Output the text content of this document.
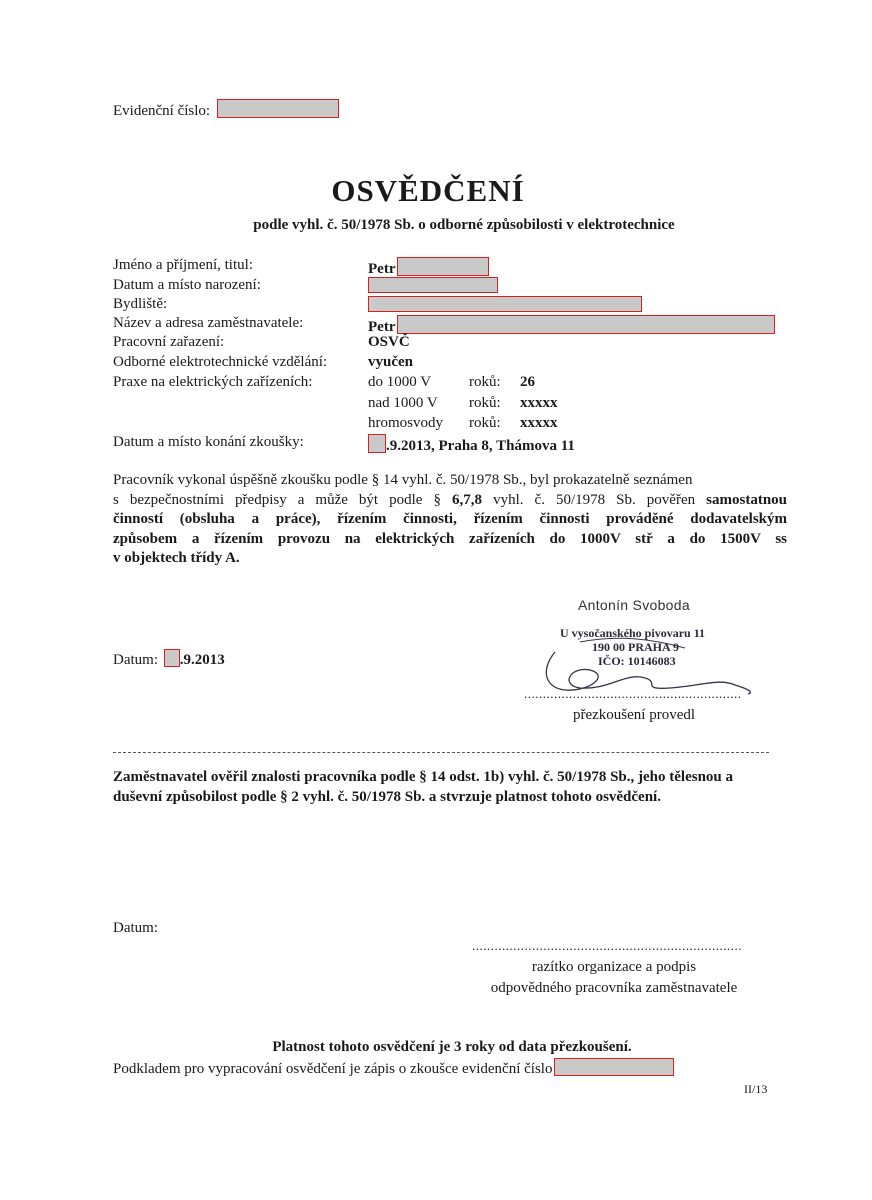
Evidenční číslo:
OSVĚDČENÍ
podle vyhl. č. 50/1978 Sb. o odborné způsobilosti v elektrotechnice
Jméno a příjmení, titul:	Petr
Datum a místo narození:
Bydliště:
Název a adresa zaměstnavatele:	Petr
Pracovní zařazení:	OSVČ
Odborné elektrotechnické vzdělání:	vyučen
Praxe na elektrických zařízeních:	do 1000 V	roků: 26
nad 1000 V roků: xxxxx
hromosvody roků: xxxxx
Datum a místo konání zkoušky:	.9.2013, Praha 8, Thámova 11
Pracovník vykonal úspěšně zkoušku podle § 14 vyhl. č. 50/1978 Sb., byl prokazatelně seznámen
s bezpečnostními předpisy a může být podle § 6,7,8 vyhl. č. 50/1978 Sb. pověřen samostatnou
činností (obsluha a práce), řízením činnosti, řízením činnosti prováděné dodavatelským
způsobem a řízením provozu na elektrických zařízeních do 1000V stř a do 1500V ss
v objektech třídy A.
Antonín Svoboda
U vysočanského pivovaru 11
190 00 PRAHA 9
IČO: 10146083
..........................................................
přezkoušení provedl
Datum: .9.2013
Zaměstnavatel ověřil znalosti pracovníka podle § 14 odst. 1b) vyhl. č. 50/1978 Sb., jeho tělesnou a
duševní způsobilost podle § 2 vyhl. č. 50/1978 Sb. a stvrzuje platnost tohoto osvědčení.
Datum:
........................................................................
razítko organizace a podpis
odpovědného pracovníka zaměstnavatele
Platnost tohoto osvědčení je 3 roky od data přezkoušení.
Podkladem pro vypracování osvědčení je zápis o zkoušce evidenční číslo
II/13
